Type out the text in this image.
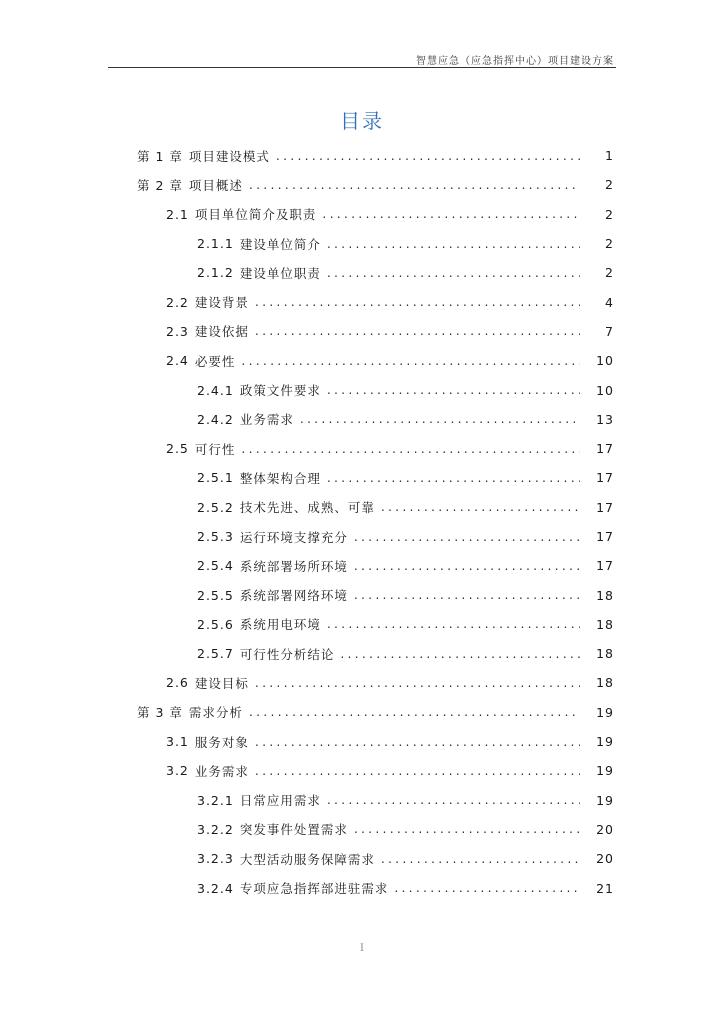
智慧应急（应急指挥中心）项目建设方案
目录
第 1 章 项目建设模式 .....	1
第 2 章 项目概述 .....	2
2.1 项目单位简介及职责 .....	2
2.1.1 建设单位简介 .....	2
2.1.2 建设单位职责 .....	2
2.2 建设背景 .....	4
2.3 建设依据 .....	7
2.4 必要性 .....	10
2.4.1 政策文件要求 .....	10
2.4.2 业务需求 .....	13
2.5 可行性 .....	17
2.5.1 整体架构合理 .....	17
2.5.2 技术先进、成熟、可靠 .....	17
2.5.3 运行环境支撑充分 .....	17
2.5.4 系统部署场所环境 .....	17
2.5.5 系统部署网络环境 .....	18
2.5.6 系统用电环境 .....	18
2.5.7 可行性分析结论 .....	18
2.6 建设目标 .....	18
第 3 章 需求分析 .....	19
3.1 服务对象 .....	19
3.2 业务需求 .....	19
3.2.1 日常应用需求 .....	19
3.2.2 突发事件处置需求 .....	20
3.2.3 大型活动服务保障需求 .....	20
3.2.4 专项应急指挥部进驻需求 .....	21
I
